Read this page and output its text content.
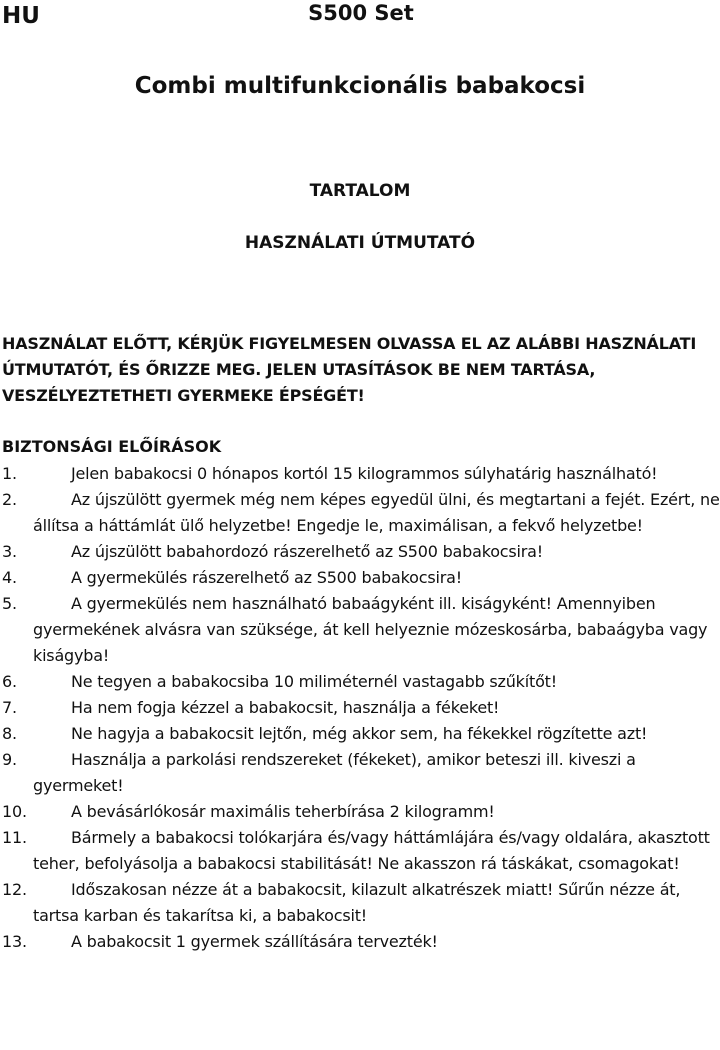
HU	S500 Set
Combi multifunkcionális babakocsi
TARTALOM
HASZNÁLATI ÚTMUTATÓ
HASZNÁLAT ELŐTT, KÉRJÜK FIGYELMESEN OLVASSA EL AZ ALÁBBI HASZNÁLATI ÚTMUTATÓT, ÉS ŐRIZZE MEG. JELEN UTASÍTÁSOK BE NEM TARTÁSA, VESZÉLYEZTETHETI GYERMEKE ÉPSÉGÉT!
BIZTONSÁGI ELŐÍRÁSOK
1.	Jelen babakocsi 0 hónapos kortól 15 kilogrammos súlyhatárig használható!
2.	Az újszülött gyermek még nem képes egyedül ülni, és megtartani a fejét. Ezért, ne állítsa a háttámlát ülő helyzetbe! Engedje le, maximálisan, a fekvő helyzetbe!
3.	Az újszülött babahordozó rászerelhető az S500 babakocsira!
4.	A gyermekülés rászerelhető az S500 babakocsira!
5.	A gyermekülés nem használható babaágyként ill. kiságyként! Amennyiben gyermekének alvásra van szüksége, át kell helyeznie mózeskosárba, babaágyba vagy kiságyba!
6.	Ne tegyen a babakocsiba 10 miliméternél vastagabb szűkítőt!
7.	Ha nem fogja kézzel a babakocsit, használja a fékeket!
8.	Ne hagyja a babakocsit lejtőn, még akkor sem, ha fékekkel rögzítette azt!
9.	Használja a parkolási rendszereket (fékeket), amikor beteszi ill. kiveszi a gyermeket!
10.	A bevásárlókosár maximális teherbírása 2 kilogramm!
11.	Bármely a babakocsi tolókarjára és/vagy háttámlájára és/vagy oldalára, akasztott teher, befolyásolja a babakocsi stabilitását! Ne akasszon rá táskákat, csomagokat!
12.	Időszakosan nézze át a babakocsit, kilazult alkatrészek miatt! Sűrűn nézze át, tartsa karban és takarítsa ki, a babakocsit!
13.	A babakocsit 1 gyermek szállítására tervezték!
